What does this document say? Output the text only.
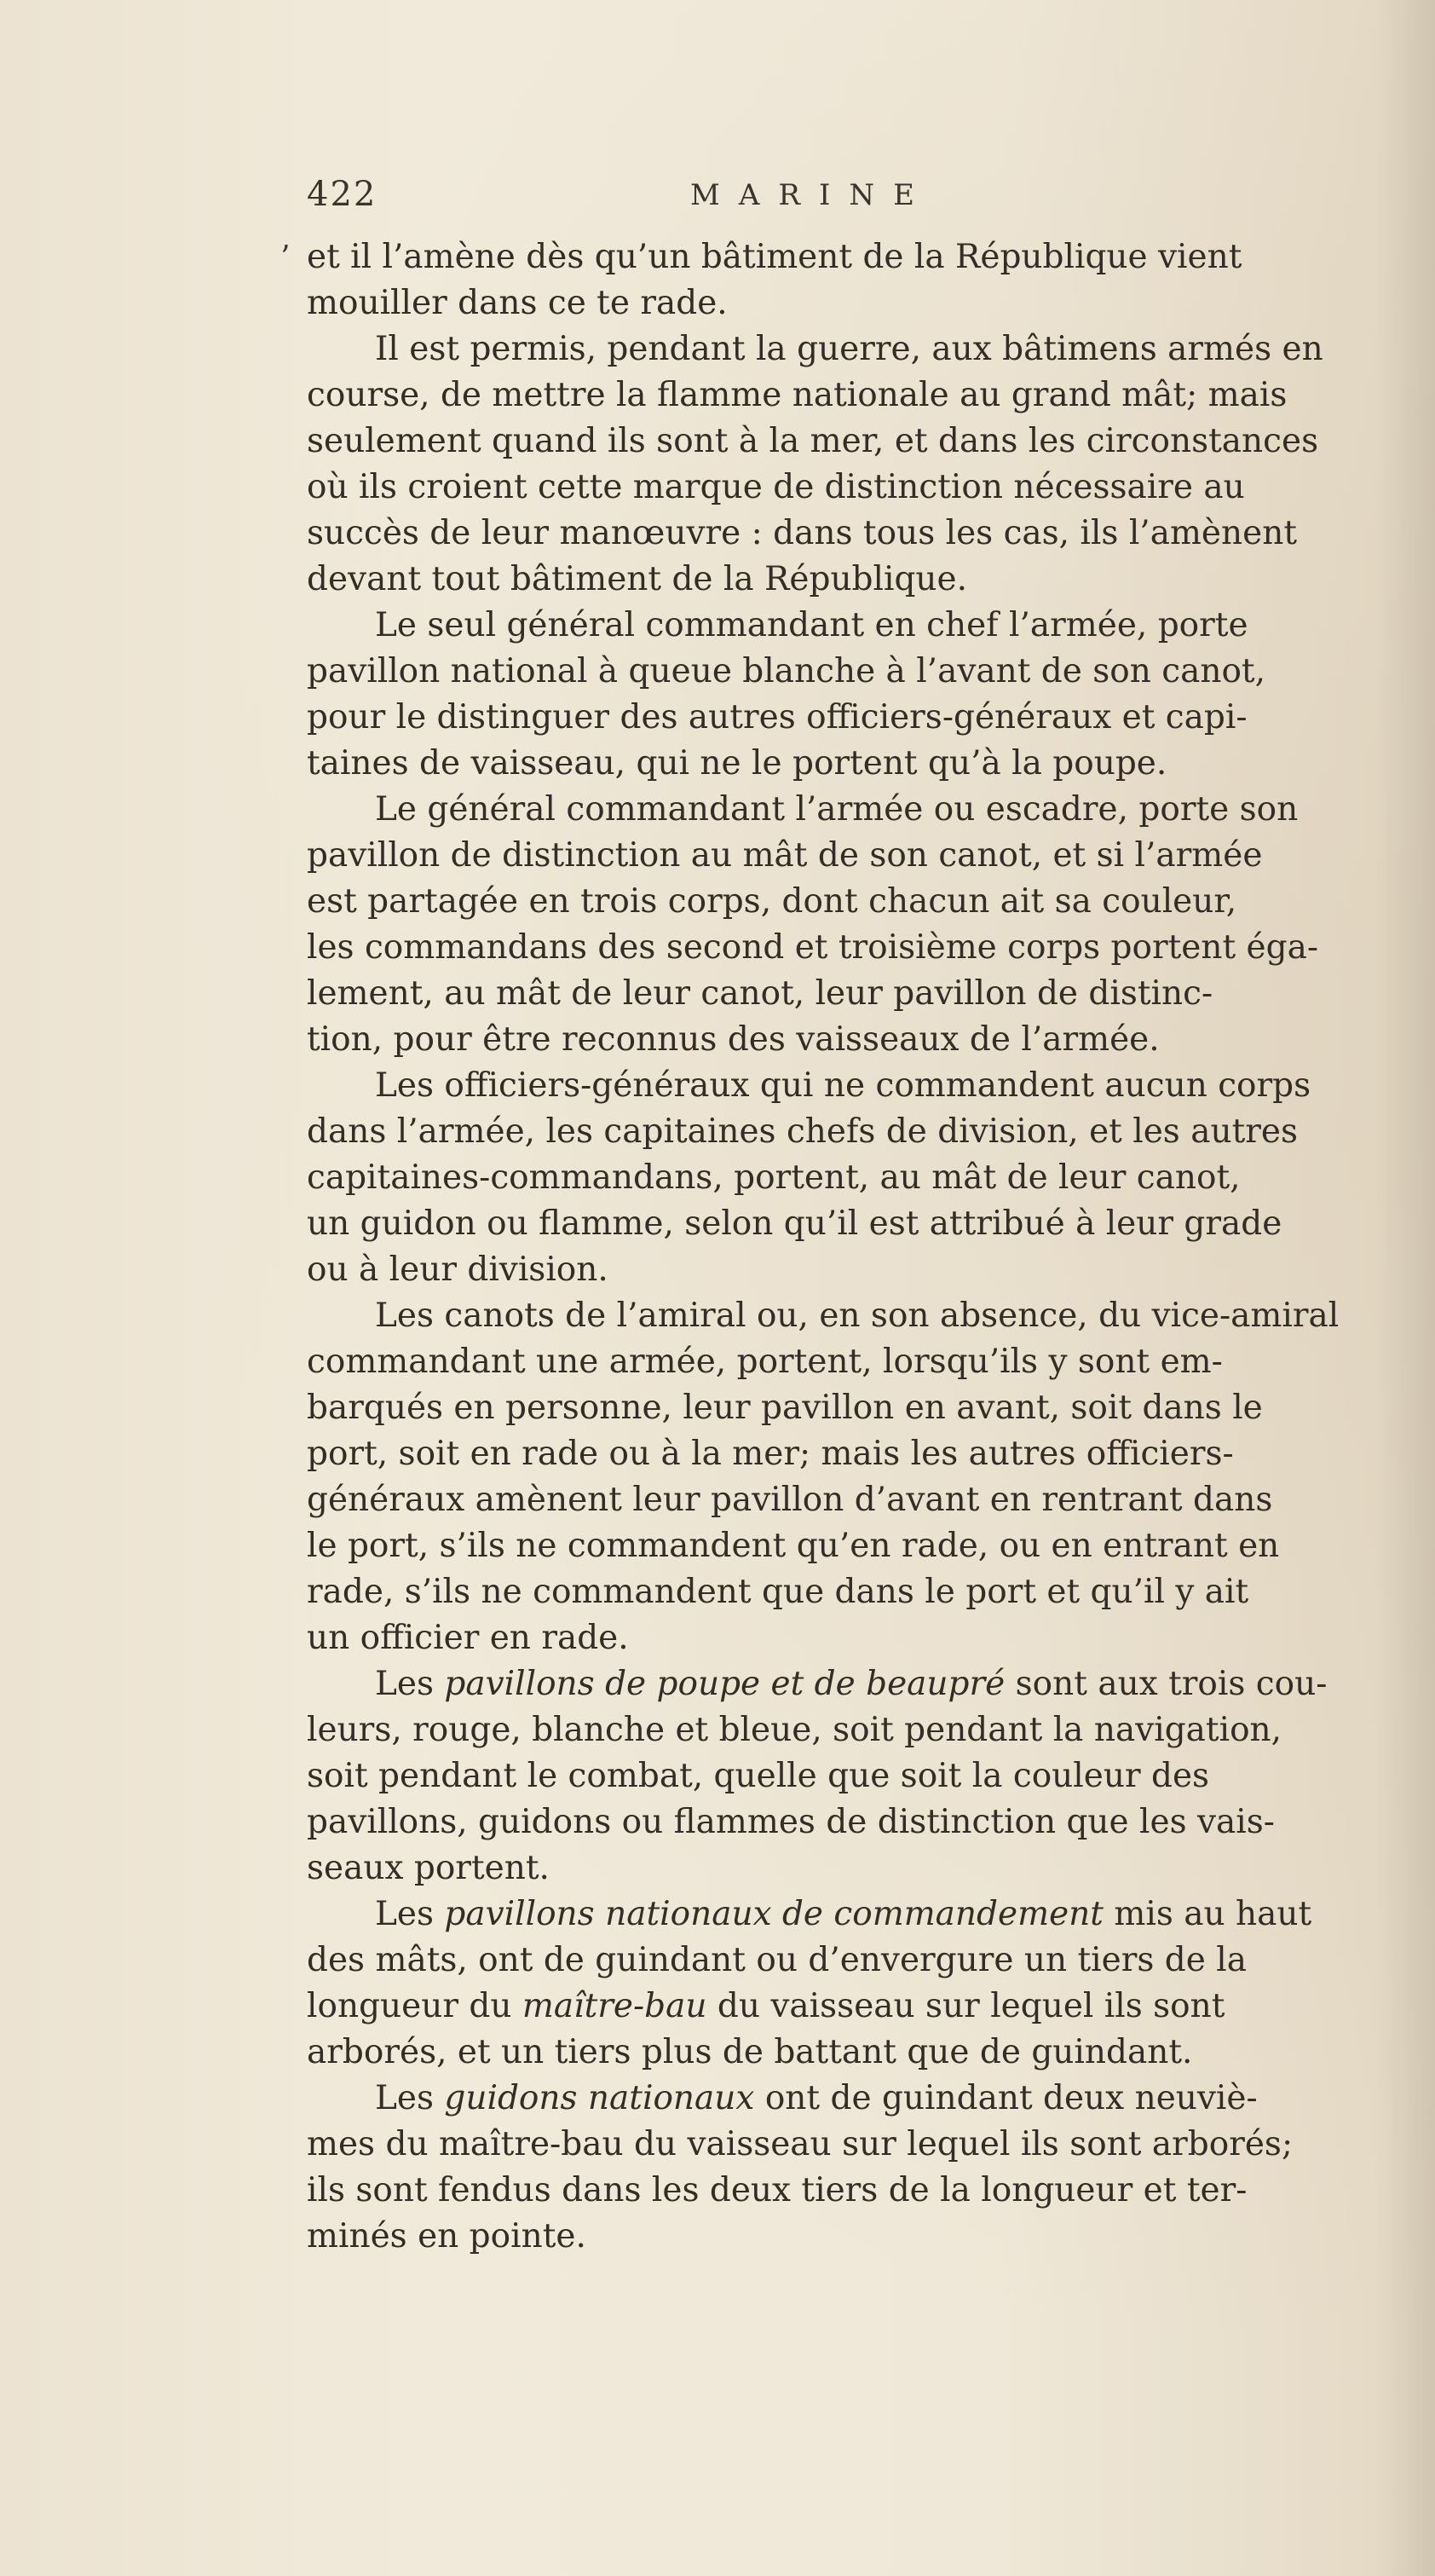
422	MARINE
ʼ et il l’amène dès qu’un bâtiment de la République vient
mouiller dans ce te rade.
Il est permis, pendant la guerre, aux bâtimens armés en
course, de mettre la flamme nationale au grand mât; mais
seulement quand ils sont à la mer, et dans les circonstances
où ils croient cette marque de distinction nécessaire au
succès de leur manœuvre : dans tous les cas, ils l’amènent
devant tout bâtiment de la République.
Le seul général commandant en chef l’armée, porte
pavillon national à queue blanche à l’avant de son canot,
pour le distinguer des autres officiers-généraux et capi-
taines de vaisseau, qui ne le portent qu’à la poupe.
Le général commandant l’armée ou escadre, porte son
pavillon de distinction au mât de son canot, et si l’armée
est partagée en trois corps, dont chacun ait sa couleur,
les commandans des second et troisième corps portent éga-
lement, au mât de leur canot, leur pavillon de distinc-
tion, pour être reconnus des vaisseaux de l’armée.
Les officiers-généraux qui ne commandent aucun corps
dans l’armée, les capitaines chefs de division, et les autres
capitaines-commandans, portent, au mât de leur canot,
un guidon ou flamme, selon qu’il est attribué à leur grade
ou à leur division.
Les canots de l’amiral ou, en son absence, du vice-amiral
commandant une armée, portent, lorsqu’ils y sont em-
barqués en personne, leur pavillon en avant, soit dans le
port, soit en rade ou à la mer; mais les autres officiers-
généraux amènent leur pavillon d’avant en rentrant dans
le port, s’ils ne commandent qu’en rade, ou en entrant en
rade, s’ils ne commandent que dans le port et qu’il y ait
un officier en rade.
Les pavillons de poupe et de beaupré sont aux trois cou-
leurs, rouge, blanche et bleue, soit pendant la navigation,
soit pendant le combat, quelle que soit la couleur des
pavillons, guidons ou flammes de distinction que les vais-
seaux portent.
Les pavillons nationaux de commandement mis au haut
des mâts, ont de guindant ou d’envergure un tiers de la
longueur du maître-bau du vaisseau sur lequel ils sont
arborés, et un tiers plus de battant que de guindant.
Les guidons nationaux ont de guindant deux neuviè-
mes du maître-bau du vaisseau sur lequel ils sont arborés;
ils sont fendus dans les deux tiers de la longueur et ter-
minés en pointe.
